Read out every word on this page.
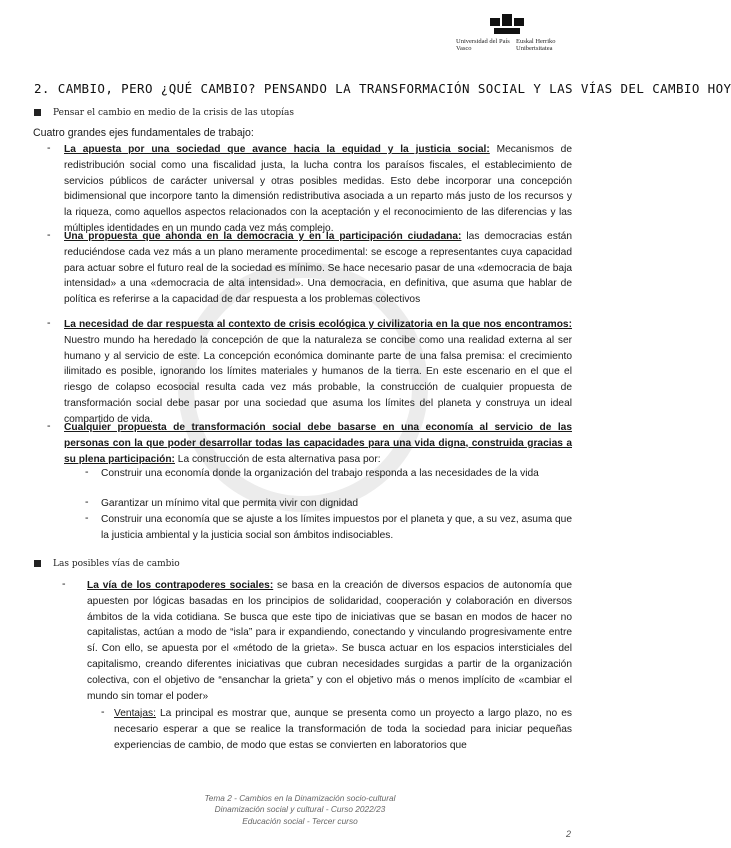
Universidad del País Vasco
Euskal Herriko Unibertsitatea
2. CAMBIO, PERO ¿QUÉ CAMBIO? PENSANDO LA TRANSFORMACIÓN SOCIAL Y LAS VÍAS DEL CAMBIO HOY
Pensar el cambio en medio de la crisis de las utopías
Cuatro grandes ejes fundamentales de trabajo:
- La apuesta por una sociedad que avance hacia la equidad y la justicia social: Mecanismos de redistribución social como una fiscalidad justa, la lucha contra los paraísos fiscales, el establecimiento de servicios públicos de carácter universal y otras posibles medidas. Esto debe incorporar una concepción bidimensional que incorpore tanto la dimensión redistributiva asociada a un reparto más justo de los recursos y la riqueza, como aquellos aspectos relacionados con la aceptación y el reconocimiento de las diferencias y las múltiples identidades en un mundo cada vez más complejo.
- Una propuesta que ahonda en la democracia y en la participación ciudadana: las democracias están reduciéndose cada vez más a un plano meramente procedimental: se escoge a representantes cuya capacidad para actuar sobre el futuro real de la sociedad es mínimo. Se hace necesario pasar de una «democracia de baja intensidad» a una «democracia de alta intensidad». Una democracia, en definitiva, que asuma que hablar de política es referirse a la capacidad de dar respuesta a los problemas colectivos
- La necesidad de dar respuesta al contexto de crisis ecológica y civilizatoria en la que nos encontramos: Nuestro mundo ha heredado la concepción de que la naturaleza se concibe como una realidad externa al ser humano y al servicio de este. La concepción económica dominante parte de una falsa premisa: el crecimiento ilimitado es posible, ignorando los límites materiales y humanos de la tierra. En este escenario en el que el riesgo de colapso ecosocial resulta cada vez más probable, la construcción de cualquier propuesta de transformación social debe pasar por una sociedad que asuma los límites del planeta y construya un ideal compartido de vida.
- Cualquier propuesta de transformación social debe basarse en una economía al servicio de las personas con la que poder desarrollar todas las capacidades para una vida digna, construida gracias a su plena participación: La construcción de esta alternativa pasa por:
- Construir una economía donde la organización del trabajo responda a las necesidades de la vida
- Garantizar un mínimo vital que permita vivir con dignidad
- Construir una economía que se ajuste a los límites impuestos por el planeta y que, a su vez, asuma que la justicia ambiental y la justicia social son ámbitos indisociables.
Las posibles vías de cambio
- La vía de los contrapoderes sociales: se basa en la creación de diversos espacios de autonomía que apuesten por lógicas basadas en los principios de solidaridad, cooperación y colaboración en diversos ámbitos de la vida cotidiana. Se busca que este tipo de iniciativas que se basan en modos de hacer no capitalistas, actúan a modo de “isla” para ir expandiendo, conectando y vinculando progresivamente entre sí. Con ello, se apuesta por el «método de la grieta». Se busca actuar en los espacios intersticiales del capitalismo, creando diferentes iniciativas que cubran necesidades surgidas a partir de la organización colectiva, con el objetivo de “ensanchar la grieta” y con el objetivo más o menos implícito de «cambiar el mundo sin tomar el poder»
- Ventajas: La principal es mostrar que, aunque se presenta como un proyecto a largo plazo, no es necesario esperar a que se realice la transformación de toda la sociedad para iniciar pequeñas experiencias de cambio, de modo que estas se convierten en laboratorios que
Tema 2 - Cambios en la Dinamización socio-cultural
Dinamización social y cultural - Curso 2022/23
Educación social - Tercer curso
2
